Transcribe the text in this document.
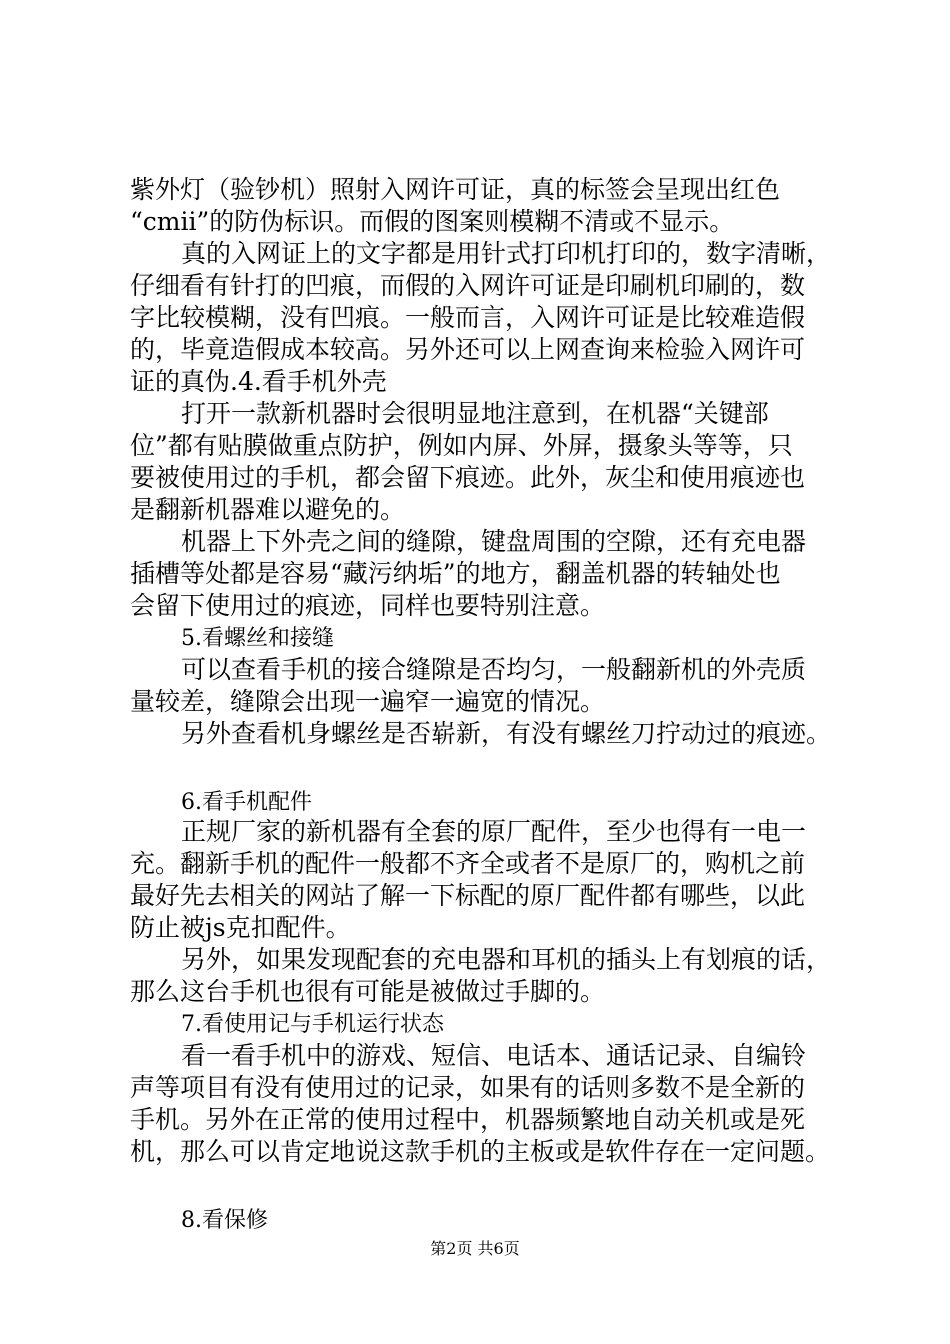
紫外灯（验钞机）照射入网许可证，真的标签会呈现出红色
“cmii”的防伪标识。而假的图案则模糊不清或不显示。
真的入网证上的文字都是用针式打印机打印的，数字清晰，
仔细看有针打的凹痕，而假的入网许可证是印刷机印刷的，数
字比较模糊，没有凹痕。一般而言，入网许可证是比较难造假
的，毕竟造假成本较高。另外还可以上网查询来检验入网许可
证的真伪.4.看手机外壳
打开一款新机器时会很明显地注意到，在机器“关键部
位”都有贴膜做重点防护，例如内屏、外屏，摄象头等等，只
要被使用过的手机，都会留下痕迹。此外，灰尘和使用痕迹也
是翻新机器难以避免的。
机器上下外壳之间的缝隙，键盘周围的空隙，还有充电器
插槽等处都是容易“藏污纳垢”的地方，翻盖机器的转轴处也
会留下使用过的痕迹，同样也要特别注意。
5.看螺丝和接缝
可以查看手机的接合缝隙是否均匀，一般翻新机的外壳质
量较差，缝隙会出现一遍窄一遍宽的情况。
另外查看机身螺丝是否崭新，有没有螺丝刀拧动过的痕迹。
6.看手机配件
正规厂家的新机器有全套的原厂配件，至少也得有一电一
充。翻新手机的配件一般都不齐全或者不是原厂的，购机之前
最好先去相关的网站了解一下标配的原厂配件都有哪些，以此
防止被js克扣配件。
另外，如果发现配套的充电器和耳机的插头上有划痕的话，
那么这台手机也很有可能是被做过手脚的。
7.看使用记与手机运行状态
看一看手机中的游戏、短信、电话本、通话记录、自编铃
声等项目有没有使用过的记录，如果有的话则多数不是全新的
手机。另外在正常的使用过程中，机器频繁地自动关机或是死
机，那么可以肯定地说这款手机的主板或是软件存在一定问题。
8.看保修
第2页 共6页
